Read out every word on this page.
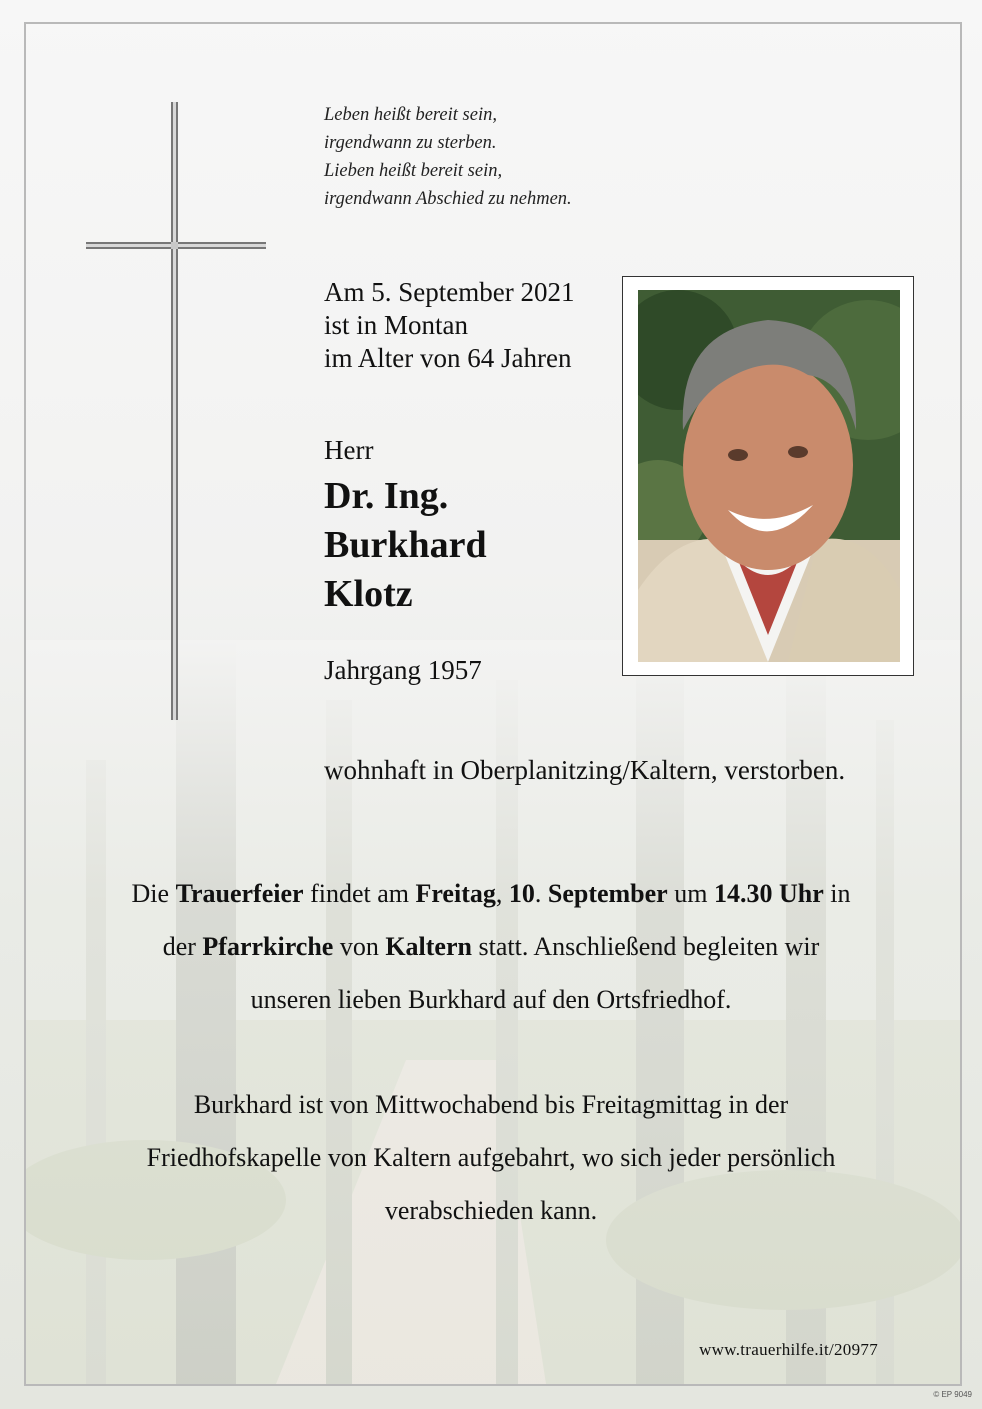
Leben heißt bereit sein,
irgendwann zu sterben.
Lieben heißt bereit sein,
irgendwann Abschied zu nehmen.
Am 5. September 2021
ist in Montan
im Alter von 64 Jahren
Herr
Dr. Ing.
Burkhard
Klotz
Jahrgang 1957
wohnhaft in Oberplanitzing/Kaltern, verstorben.
Die Trauerfeier findet am Freitag, 10. September um 14.30 Uhr in
der Pfarrkirche von Kaltern statt. Anschließend begleiten wir
unseren lieben Burkhard auf den Ortsfriedhof.
Burkhard ist von Mittwochabend bis Freitagmittag in der
Friedhofskapelle von Kaltern aufgebahrt, wo sich jeder persönlich
verabschieden kann.
www.trauerhilfe.it/20977
© EP 9049
